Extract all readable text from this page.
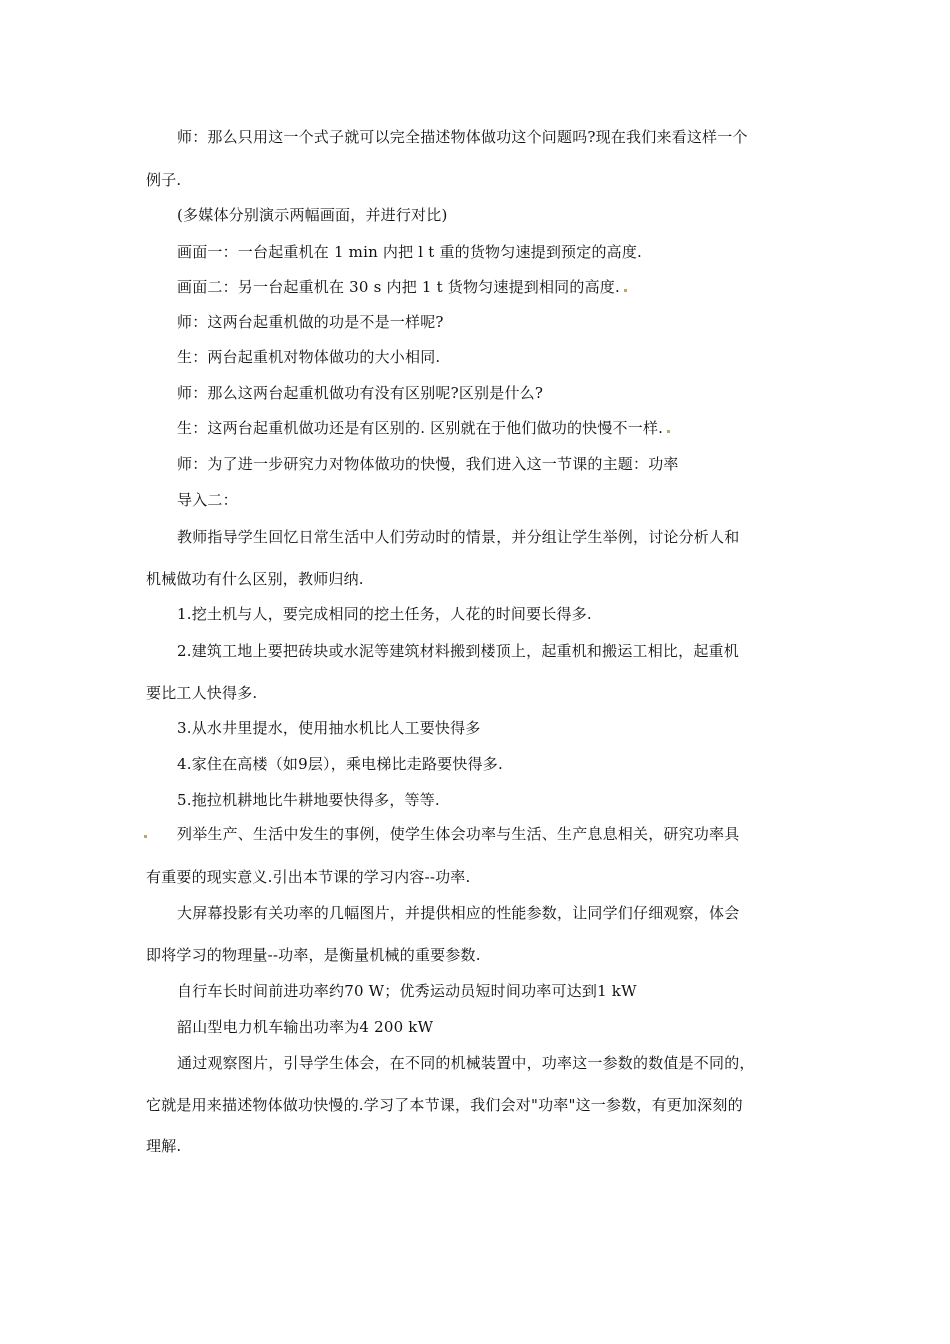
师：那么只用这一个式子就可以完全描述物体做功这个问题吗?现在我们来看这样一个
例子.
(多媒体分别演示两幅画面，并进行对比)
画面一：一台起重机在 1 min 内把 l t 重的货物匀速提到预定的高度.
画面二：另一台起重机在 30 s 内把 1 t 货物匀速提到相同的高度.
师：这两台起重机做的功是不是一样呢?
生：两台起重机对物体做功的大小相同.
师：那么这两台起重机做功有没有区别呢?区别是什么?
生：这两台起重机做功还是有区别的. 区别就在于他们做功的快慢不一样.
师：为了进一步研究力对物体做功的快慢，我们进入这一节课的主题：功率
导入二：
教师指导学生回忆日常生活中人们劳动时的情景，并分组让学生举例，讨论分析人和
机械做功有什么区别，教师归纳.
1.挖土机与人，要完成相同的挖土任务，人花的时间要长得多.
2.建筑工地上要把砖块或水泥等建筑材料搬到楼顶上，起重机和搬运工相比，起重机
要比工人快得多.
3.从水井里提水，使用抽水机比人工要快得多
4.家住在高楼（如9层），乘电梯比走路要快得多.
5.拖拉机耕地比牛耕地要快得多，等等.
列举生产、生活中发生的事例，使学生体会功率与生活、生产息息相关，研究功率具
有重要的现实意义.引出本节课的学习内容--功率.
大屏幕投影有关功率的几幅图片，并提供相应的性能参数，让同学们仔细观察，体会
即将学习的物理量--功率，是衡量机械的重要参数.
自行车长时间前进功率约70 W；优秀运动员短时间功率可达到1 kW
韶山型电力机车输出功率为4 200 kW
通过观察图片，引导学生体会，在不同的机械装置中，功率这一参数的数值是不同的，
它就是用来描述物体做功快慢的.学习了本节课，我们会对"功率"这一参数，有更加深刻的
理解.
